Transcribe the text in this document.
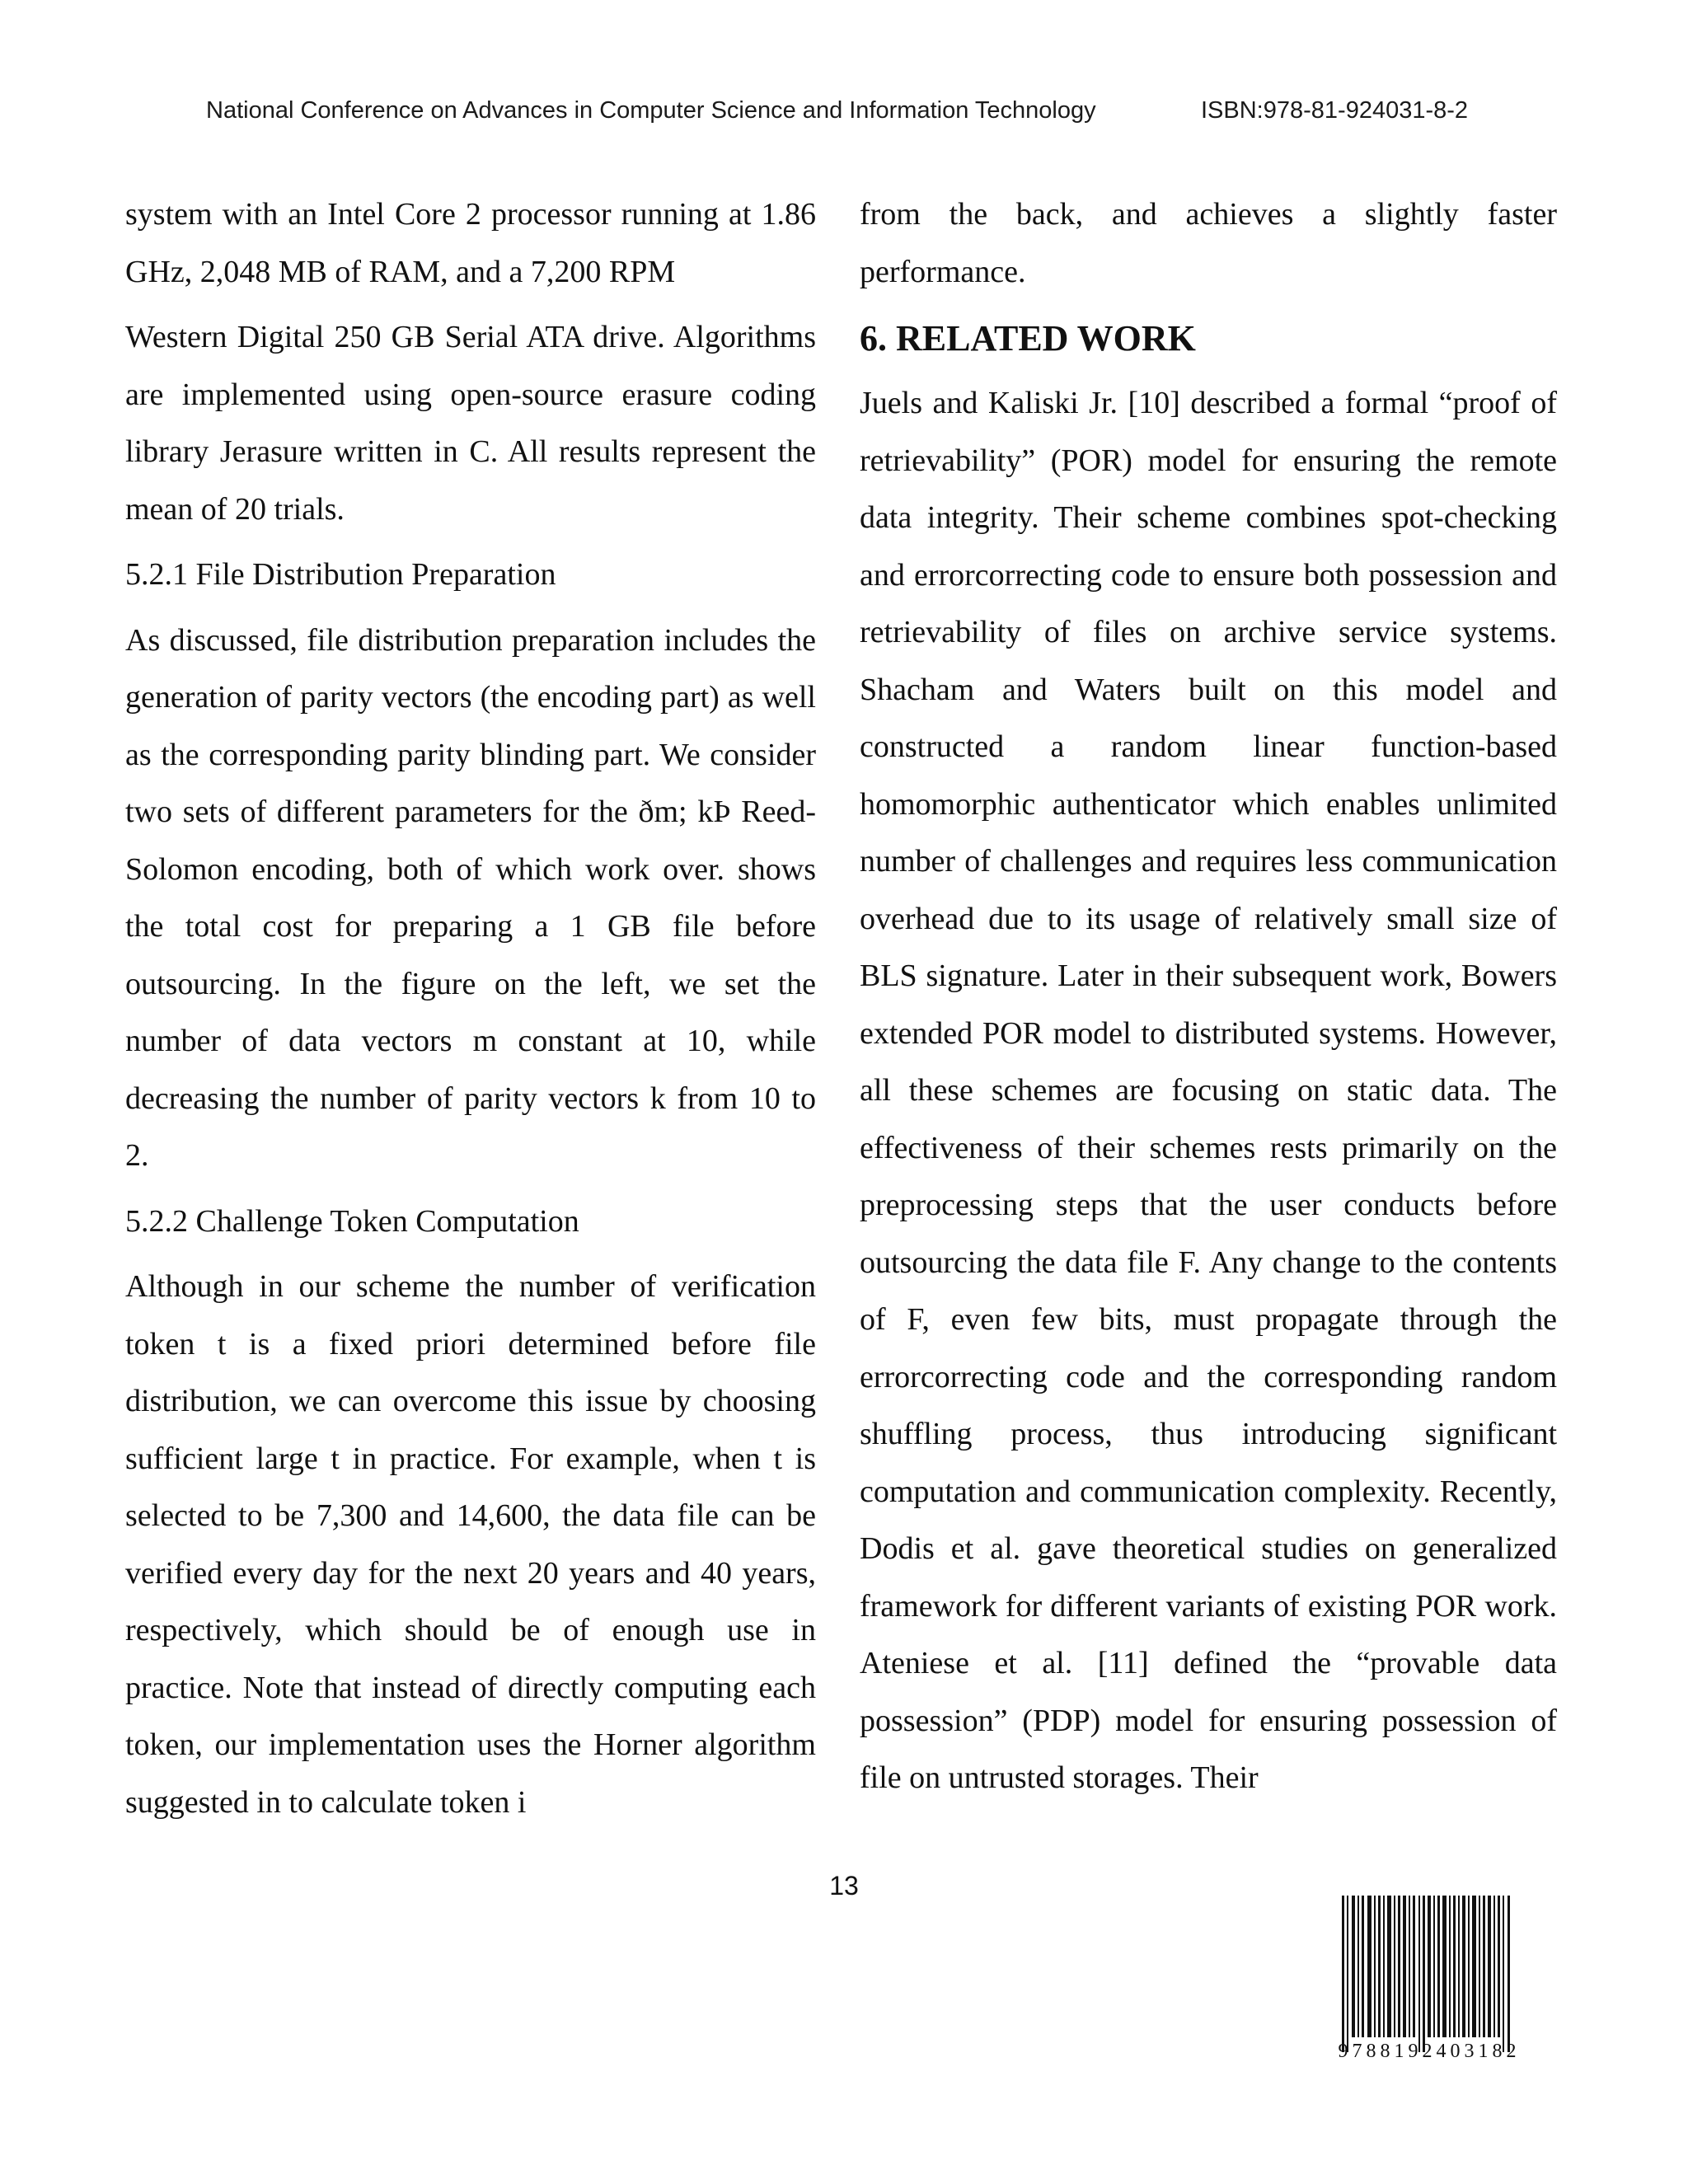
National Conference on Advances in Computer Science and Information Technology	ISBN:978-81-924031-8-2

system with an Intel Core 2 processor running at 1.86 GHz, 2,048 MB of RAM, and a 7,200 RPM

Western Digital 250 GB Serial ATA drive. Algorithms are implemented using open-source erasure coding library Jerasure written in C. All results represent the mean of 20 trials.

5.2.1 File Distribution Preparation

As discussed, file distribution preparation includes the generation of parity vectors (the encoding part) as well as the corresponding parity blinding part. We consider two sets of different parameters for the ðm; kÞ Reed-Solomon encoding, both of which work over. shows the total cost for preparing a 1 GB file before outsourcing. In the figure on the left, we set the number of data vectors m constant at 10, while decreasing the number of parity vectors k from 10 to 2.

5.2.2 Challenge Token Computation

Although in our scheme the number of verification token t is a fixed priori determined before file distribution, we can overcome this issue by choosing sufficient large t in practice. For example, when t is selected to be 7,300 and 14,600, the data file can be verified every day for the next 20 years and 40 years, respectively, which should be of enough use in practice. Note that instead of directly computing each token, our implementation uses the Horner algorithm suggested in to calculate token i

from the back, and achieves a slightly faster performance.

6. RELATED WORK

Juels and Kaliski Jr. [10] described a formal “proof of retrievability” (POR) model for ensuring the remote data integrity. Their scheme combines spot-checking and errorcorrecting code to ensure both possession and retrievability of files on archive service systems. Shacham and Waters built on this model and constructed a random linear function-based homomorphic authenticator which enables unlimited number of challenges and requires less communication overhead due to its usage of relatively small size of BLS signature. Later in their subsequent work, Bowers extended POR model to distributed systems. However, all these schemes are focusing on static data. The effectiveness of their schemes rests primarily on the preprocessing steps that the user conducts before outsourcing the data file F. Any change to the contents of F, even few bits, must propagate through the errorcorrecting code and the corresponding random shuffling process, thus introducing significant computation and communication complexity. Recently, Dodis et al. gave theoretical studies on generalized framework for different variants of existing POR work. Ateniese et al. [11] defined the “provable data possession” (PDP) model for ensuring possession of file on untrusted storages. Their

13
9788192403182
